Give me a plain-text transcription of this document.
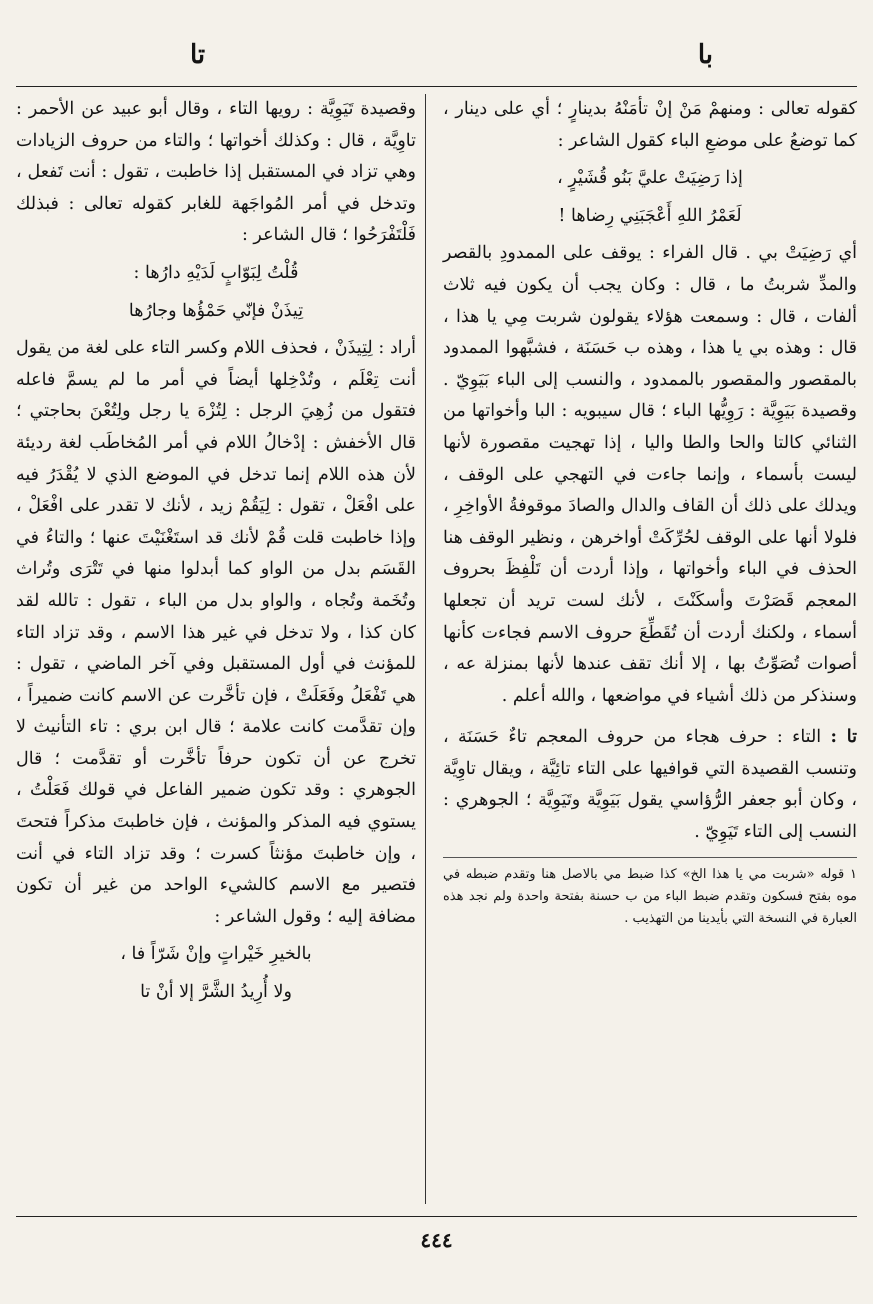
با
تا

كقوله تعالى : ومنهمْ مَنْ إنْ تأمَنْهُ بدينارٍ ؛ أي على دينار ، كما توضعُ على موضعِ الباء كقول الشاعر :

إذا رَضِيَتْ عليَّ بَنُو قُشَيْرٍ ،

لَعَمْرُ اللهِ أَعْجَبَنِي رِضاها !

أي رَضِيَتْ بي . قال الفراء : يوقف على الممدودِ بالقصر والمدِّ شربتُ ما ، قال : وكان يجب أن يكون فيه ثلاث ألفات ، قال : وسمعت هؤلاء يقولون شربت مِي يا هذا ، قال : وهذه بي يا هذا ، وهذه ب حَسَنَة ، فشبَّهوا الممدود بالمقصور والمقصور بالممدود ، والنسب إلى الباء بَيَوِيّ . وقصيدة بَيَوِيَّة : رَوِيُّها الباء ؛ قال سيبويه : البا وأخواتها من الثنائي كالتا والحا والطا واليا ، إذا تهجيت مقصورة لأنها ليست بأسماء ، وإنما جاءت في التهجي على الوقف ، ويدلك على ذلك أن القاف والدال والصادَ موقوفةُ الأواخِرِ ، فلولا أنها على الوقف لحُرِّكَتْ أواخرهن ، ونظير الوقف هنا الحذف في الباء وأخواتها ، وإذا أردت أن تَلْفِظَ بحروف المعجم قَصَرْتَ وأسكَنْتَ ، لأنك لست تريد أن تجعلها أسماء ، ولكنك أردت أن تُقَطِّعَ حروف الاسم فجاءت كأنها أصوات تُصَوِّتُ بها ، إلا أنك تقف عندها لأنها بمنزلة عه ، وسنذكر من ذلك أشياء في مواضعها ، والله أعلم .

تا : التاء : حرف هجاء من حروف المعجم تاءٌ حَسَنَة ، وتنسب القصيدة التي قوافيها على التاء تائِيَّة ، ويقال تاوِيَّة ، وكان أبو جعفر الرُّؤاسي يقول بَيَوِيَّة وتَيَوِيَّة ؛ الجوهري : النسب إلى التاء تَيَوِيّ .

١ قوله «شربت مي يا هذا الخ» كذا ضبط مي بالاصل هنا وتقدم ضبطه في موه بفتح فسكون وتقدم ضبط الباء من ب حسنة بفتحة واحدة ولم نجد هذه العبارة في النسخة التي بأيدينا من التهذيب .

وقصيدة تَيَوِيَّة : رويها التاء ، وقال أبو عبيد عن الأحمر : تاوِيَّة ، قال : وكذلك أخواتها ؛ والتاء من حروف الزيادات وهي تزاد في المستقبل إذا خاطبت ، تقول : أنت تَفعل ، وتدخل في أمر المُواجَهة للغابر كقوله تعالى : فبذلك فَلْتَفْرَحُوا ؛ قال الشاعر :

قُلْتُ لِبَوّابٍ لَدَيْهِ دارُها :

تِيذَنْ فإنّي حَمْؤُها وجارُها

أراد : لِتِيذَنْ ، فحذف اللام وكسر التاء على لغة من يقول أنت تِعْلَم ، وتُدْخِلها أيضاً في أمر ما لم يسمَّ فاعله فتقول من زُهِيَ الرجل : لِتُزْهَ يا رجل ولِتُعْنَ بحاجتي ؛ قال الأخفش : إدْخالُ اللام في أمر المُخاطَب لغة رديئة لأن هذه اللام إنما تدخل في الموضع الذي لا يُقْدَرُ فيه على افْعَلْ ، تقول : لِيَقُمْ زيد ، لأنك لا تقدر على افْعَلْ ، وإذا خاطبت قلت قُمْ لأنك قد استَغْنَيْتَ عنها ؛ والتاءُ في القَسَم بدل من الواو كما أبدلوا منها في تَتْرَى وتُراث وتُخَمة وتُجاه ، والواو بدل من الباء ، تقول : تالله لقد كان كذا ، ولا تدخل في غير هذا الاسم ، وقد تزاد التاء للمؤنث في أول المستقبل وفي آخر الماضي ، تقول : هي تَفْعَلُ وفَعَلَتْ ، فإن تأخَّرت عن الاسم كانت ضميراً ، وإن تقدَّمت كانت علامة ؛ قال ابن بري : تاء التأنيث لا تخرج عن أن تكون حرفاً تأخَّرت أو تقدَّمت ؛ قال الجوهري : وقد تكون ضمير الفاعل في قولك فَعَلْتُ ، يستوي فيه المذكر والمؤنث ، فإن خاطبتَ مذكراً فتحتَ ، وإن خاطبتَ مؤنثاً كسرت ؛ وقد تزاد التاء في أنت فتصير مع الاسم كالشيء الواحد من غير أن تكون مضافة إليه ؛ وقول الشاعر :

بالخيرِ خَيْراتٍ وإنْ شَرّاً فا ،

ولا أُرِيدُ الشَّرَّ إلا أنْ تا

٤٤٤
